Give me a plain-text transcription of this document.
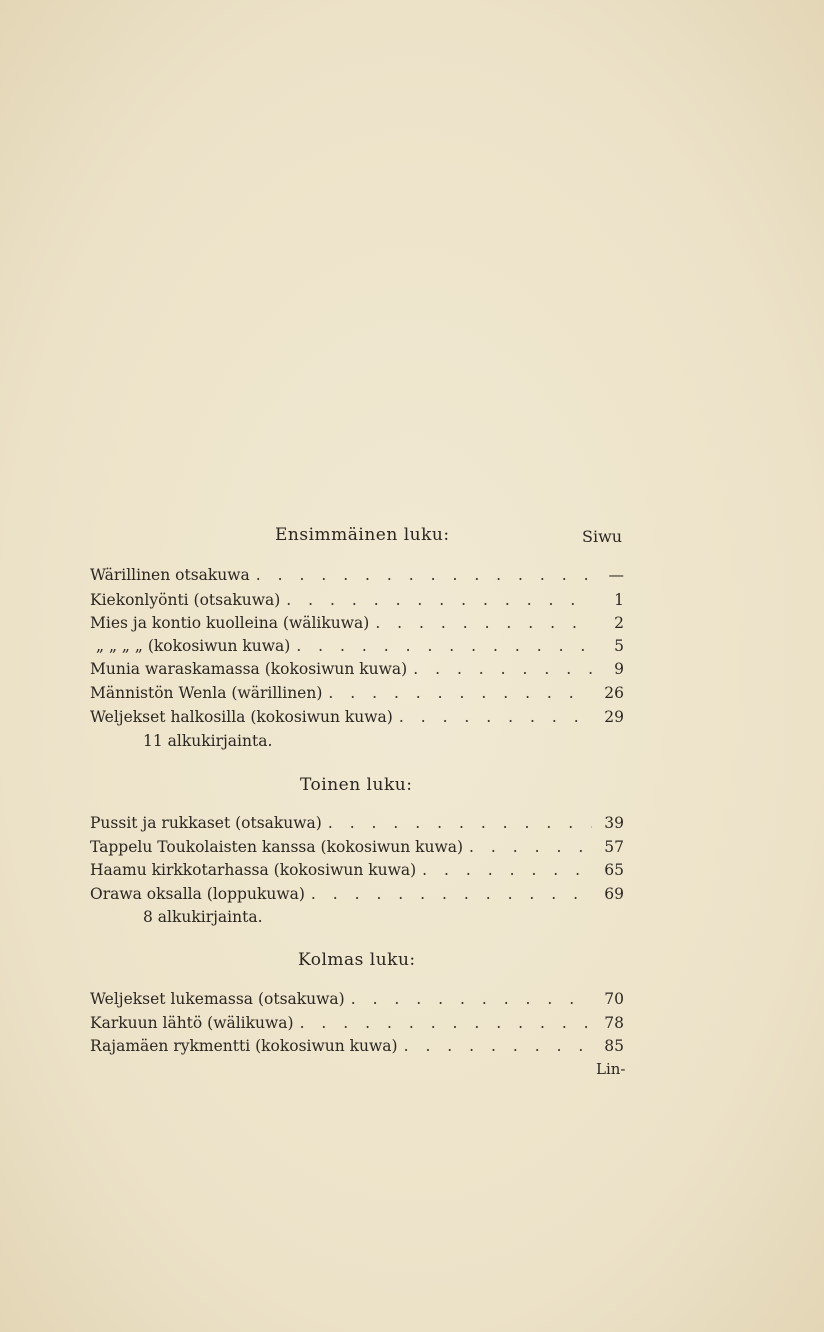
Ensimmäinen luku:	Siwu
Wärillinen otsakuwa . . .	—
Kiekonlyönti (otsakuwa) . . .	1
Mies ja kontio kuolleina (wälikuwa) . . .	2
„ „ „ „ (kokosiwun kuwa) . . .	5
Munia waraskamassa (kokosiwun kuwa) . . .	9
Männistön Wenla (wärillinen) . . .	26
Weljekset halkosilla (kokosiwun kuwa) . . .	29
11 alkukirjainta.
Toinen luku:
Pussit ja rukkaset (otsakuwa) . . .	39
Tappelu Toukolaisten kanssa (kokosiwun kuwa) . . .	57
Haamu kirkkotarhassa (kokosiwun kuwa) . . .	65
Orawa oksalla (loppukuwa) . . .	69
8 alkukirjainta.
Kolmas luku:
Weljekset lukemassa (otsakuwa) . . .	70
Karkuun lähtö (wälikuwa) . . .	78
Rajamäen rykmentti (kokosiwun kuwa) . . .	85
Lin-
